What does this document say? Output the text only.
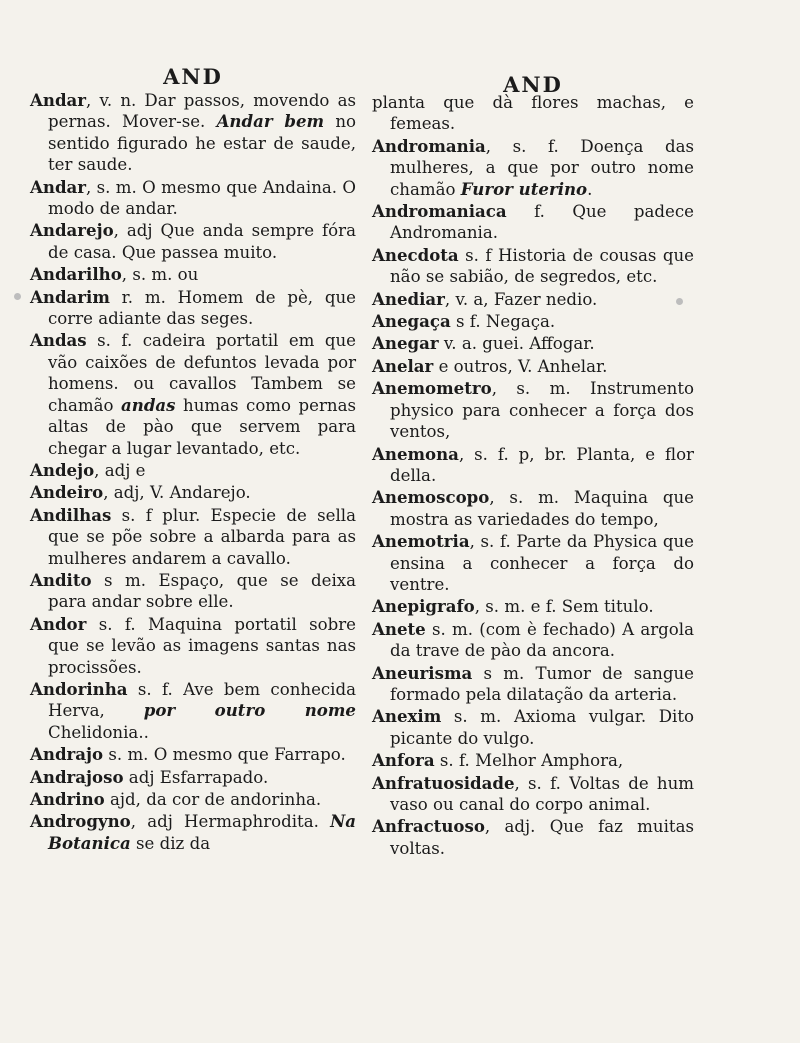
AND
Andar, v. n. Dar passos, movendo as pernas. Mover-se. Andar bem no sentido figurado he estar de saude, ter saude.
Andar, s. m. O mesmo que Andaina. O modo de andar.
Andarejo, adj Que anda sempre fóra de casa. Que passea muito.
Andarilho, s. m. ou
Andarim r. m. Homem de pè, que corre adiante das seges.
Andas s. f. cadeira portatil em que vão caixões de defuntos levada por homens. ou cavallos Tambem se chamão andas humas como pernas altas de pào que servem para chegar a lugar levantado, etc.
Andejo, adj e
Andeiro, adj, V. Andarejo.
Andilhas s. f plur. Especie de sella que se põe sobre a albarda para as mulheres andarem a cavallo.
Andito s m. Espaço, que se deixa para andar sobre elle.
Andor s. f. Maquina portatil sobre que se levão as imagens santas nas procissões.
Andorinha s. f. Ave bem conhecida Herva, por outro nome Chelidonia..
Andrajo s. m. O mesmo que Farrapo.
Andrajoso adj Esfarrapado.
Andrino ajd, da cor de andorinha.
Androgyno, adj Hermaphrodita. Na Botanica se diz da
AND
planta que dà flores machas, e femeas.
Andromania, s. f. Doença das mulheres, a que por outro nome chamão Furor uterino.
Andromaniaca f. Que padece Andromania.
Anecdota s. f Historia de cousas que não se sabião, de segredos, etc.
Anediar, v. a, Fazer nedio.
Anegaça s f. Negaça.
Anegar v. a. guei. Affogar.
Anelar e outros, V. Anhelar.
Anemometro, s. m. Instrumento physico para conhecer a força dos ventos,
Anemona, s. f. p, br. Planta, e flor della.
Anemoscopo, s. m. Maquina que mostra as variedades do tempo,
Anemotria, s. f. Parte da Physica que ensina a conhecer a força do ventre.
Anepigrafo, s. m. e f. Sem titulo.
Anete s. m. (com è fechado) A argola da trave de pào da ancora.
Aneurisma s m. Tumor de sangue formado pela dilatação da arteria.
Anexim s. m. Axioma vulgar. Dito picante do vulgo.
Anfora s. f. Melhor Amphora,
Anfratuosidade, s. f. Voltas de hum vaso ou canal do corpo animal.
Anfractuoso, adj. Que faz muitas voltas.
